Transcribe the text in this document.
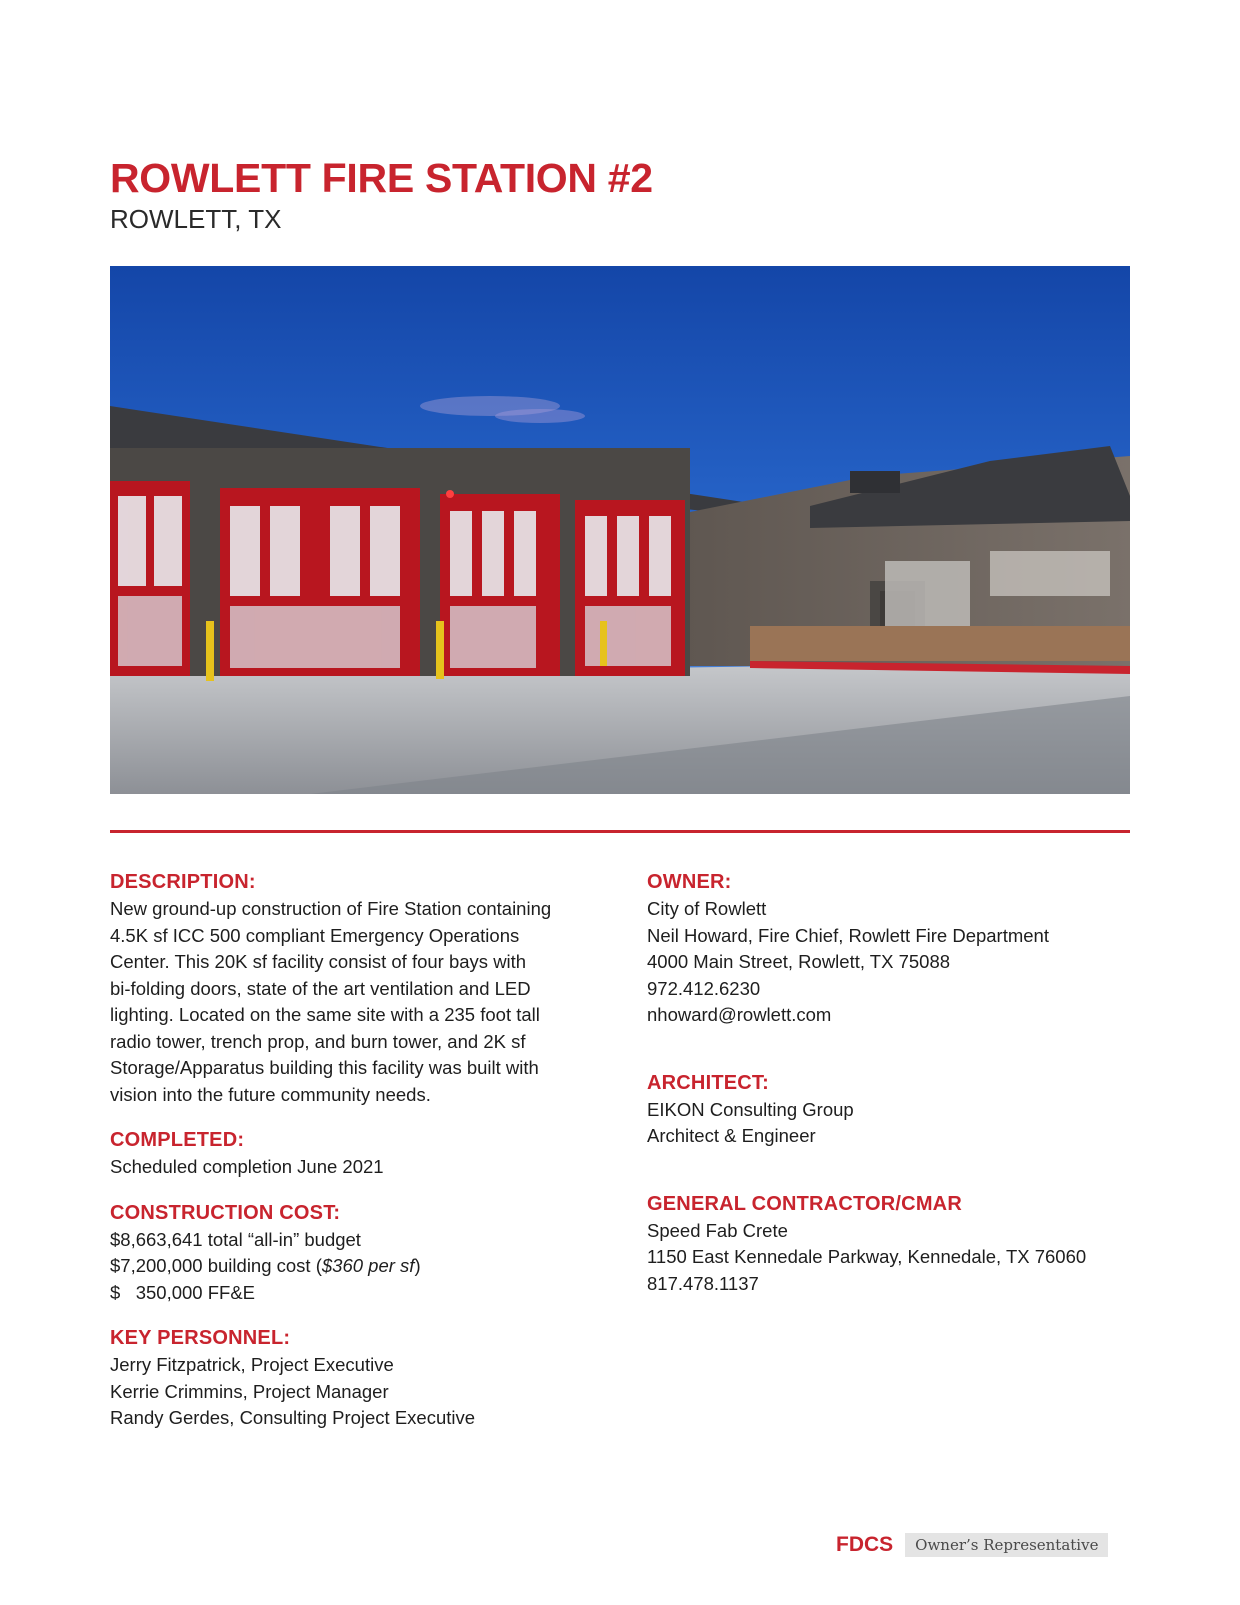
ROWLETT FIRE STATION #2
ROWLETT, TX
DESCRIPTION:

New ground-up construction of Fire Station containing
4.5K sf ICC 500 compliant Emergency Operations
Center. This 20K sf facility consist of four bays with
bi-folding doors, state of the art ventilation and LED
lighting. Located on the same site with a 235 foot tall
radio tower, trench prop, and burn tower, and 2K sf
Storage/Apparatus building this facility was built with
vision into the future community needs.

COMPLETED:

Scheduled completion June 2021

CONSTRUCTION COST:

$8,663,641 total “all-in” budget
$7,200,000 building cost ($360 per sf)
$   350,000 FF&E

KEY PERSONNEL:

Jerry Fitzpatrick, Project Executive
Kerrie Crimmins, Project Manager
Randy Gerdes, Consulting Project Executive

OWNER:

City of Rowlett
Neil Howard, Fire Chief, Rowlett Fire Department
4000 Main Street, Rowlett, TX 75088
972.412.6230
nhoward@rowlett.com

ARCHITECT:

EIKON Consulting Group
Architect & Engineer

GENERAL CONTRACTOR/CMAR

Speed Fab Crete
1150 East Kennedale Parkway, Kennedale, TX 76060
817.478.1137

FDCS	Owner’s Representative
